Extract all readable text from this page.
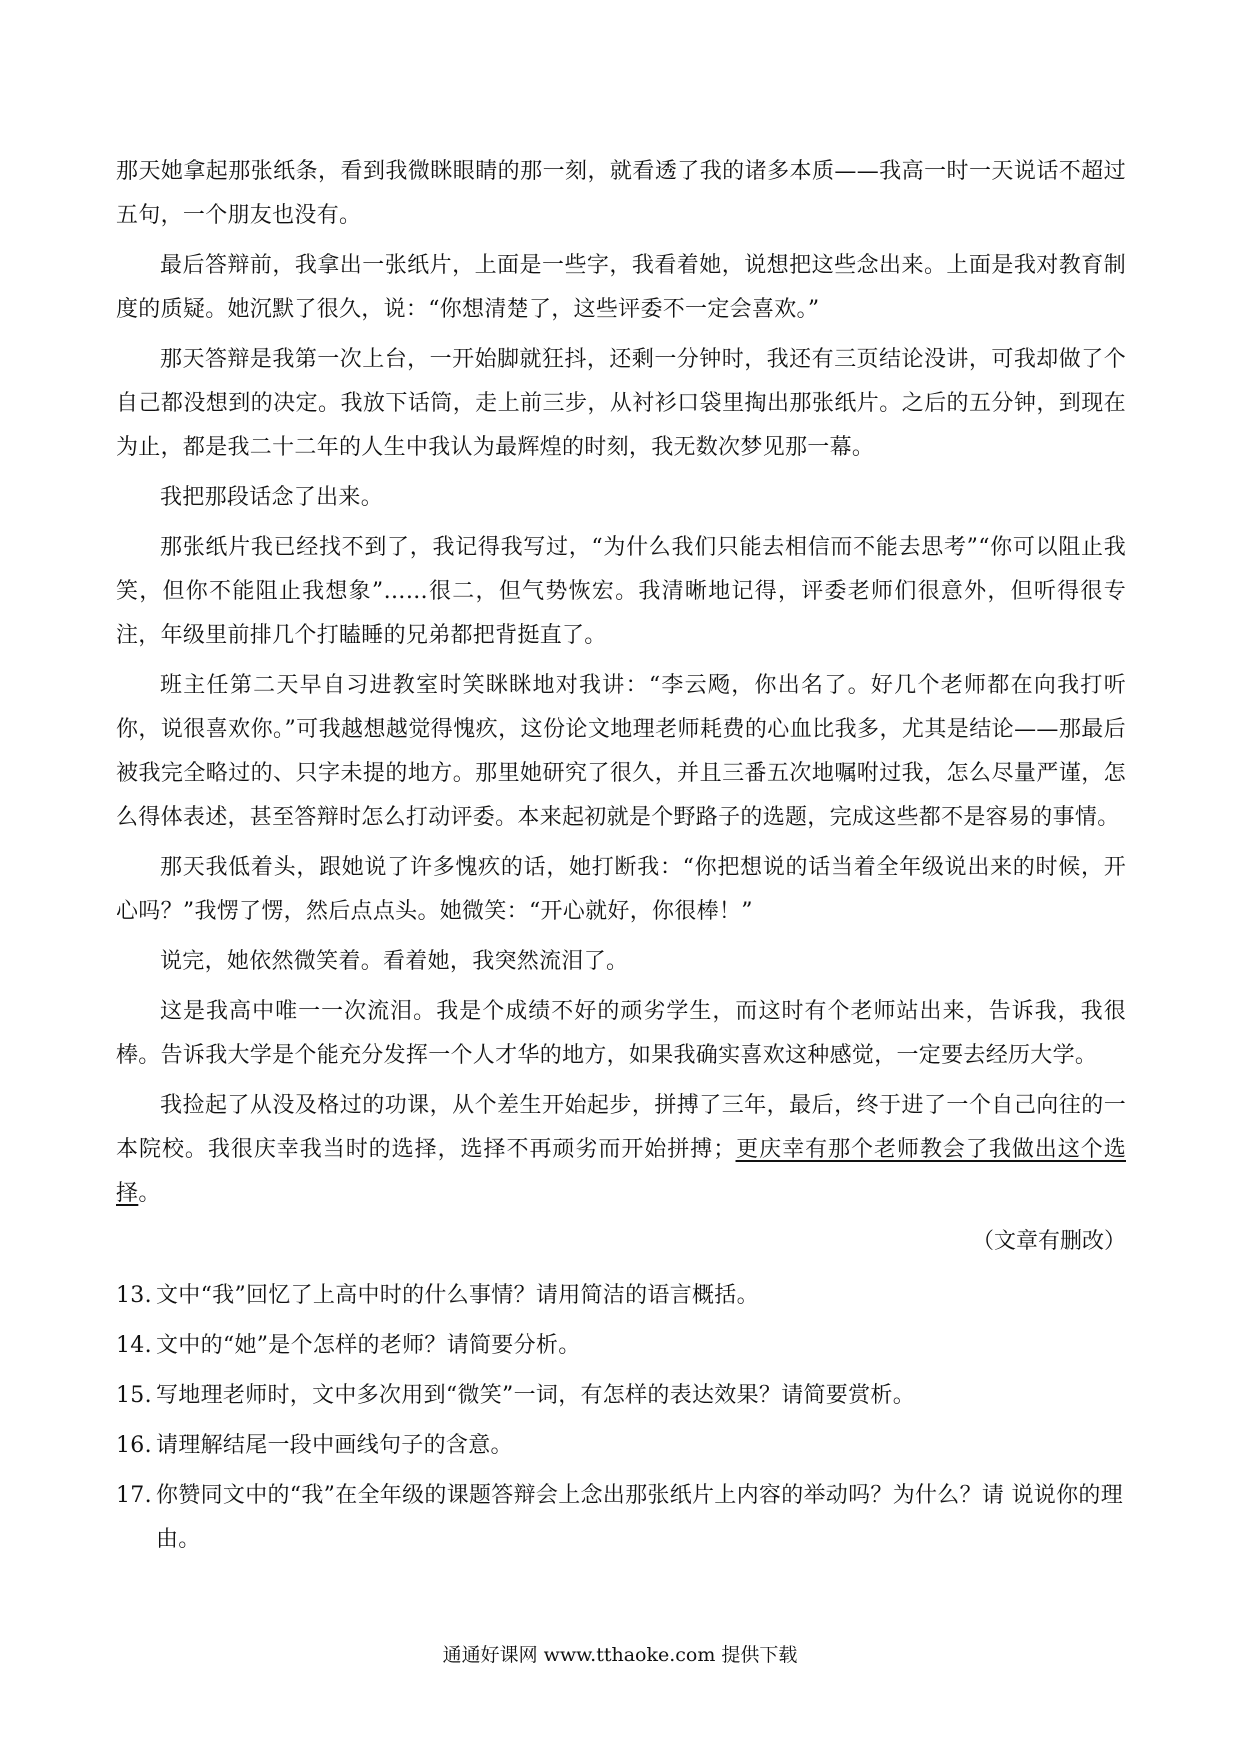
那天她拿起那张纸条，看到我微眯眼睛的那一刻，就看透了我的诸多本质——我高一时一天说话不超过五句，一个朋友也没有。

最后答辩前，我拿出一张纸片，上面是一些字，我看着她，说想把这些念出来。上面是我对教育制度的质疑。她沉默了很久，说：“你想清楚了，这些评委不一定会喜欢。”

那天答辩是我第一次上台，一开始脚就狂抖，还剩一分钟时，我还有三页结论没讲，可我却做了个自己都没想到的决定。我放下话筒，走上前三步，从衬衫口袋里掏出那张纸片。之后的五分钟，到现在为止，都是我二十二年的人生中我认为最辉煌的时刻，我无数次梦见那一幕。

我把那段话念了出来。

那张纸片我已经找不到了，我记得我写过，“为什么我们只能去相信而不能去思考”“你可以阻止我笑，但你不能阻止我想象”……很二，但气势恢宏。我清晰地记得，评委老师们很意外，但听得很专注，年级里前排几个打瞌睡的兄弟都把背挺直了。

班主任第二天早自习进教室时笑眯眯地对我讲：“李云飏，你出名了。好几个老师都在向我打听你，说很喜欢你。”可我越想越觉得愧疚，这份论文地理老师耗费的心血比我多，尤其是结论——那最后被我完全略过的、只字未提的地方。那里她研究了很久，并且三番五次地嘱咐过我，怎么尽量严谨，怎么得体表述，甚至答辩时怎么打动评委。本来起初就是个野路子的选题，完成这些都不是容易的事情。

那天我低着头，跟她说了许多愧疚的话，她打断我：“你把想说的话当着全年级说出来的时候，开心吗？”我愣了愣，然后点点头。她微笑：“开心就好，你很棒！”

说完，她依然微笑着。看着她，我突然流泪了。

这是我高中唯一一次流泪。我是个成绩不好的顽劣学生，而这时有个老师站出来，告诉我，我很棒。告诉我大学是个能充分发挥一个人才华的地方，如果我确实喜欢这种感觉，一定要去经历大学。

我捡起了从没及格过的功课，从个差生开始起步，拼搏了三年，最后，终于进了一个自己向往的一本院校。我很庆幸我当时的选择，选择不再顽劣而开始拼搏；更庆幸有那个老师教会了我做出这个选择。

（文章有删改）

13. 文中“我”回忆了上高中时的什么事情？请用简洁的语言概括。

14. 文中的“她”是个怎样的老师？请简要分析。

15. 写地理老师时，文中多次用到“微笑”一词，有怎样的表达效果？请简要赏析。

16. 请理解结尾一段中画线句子的含意。

17. 你赞同文中的“我”在全年级的课题答辩会上念出那张纸片上内容的举动吗？为什么？请 说说你的理由。

通通好课网 www.tthaoke.com 提供下载
